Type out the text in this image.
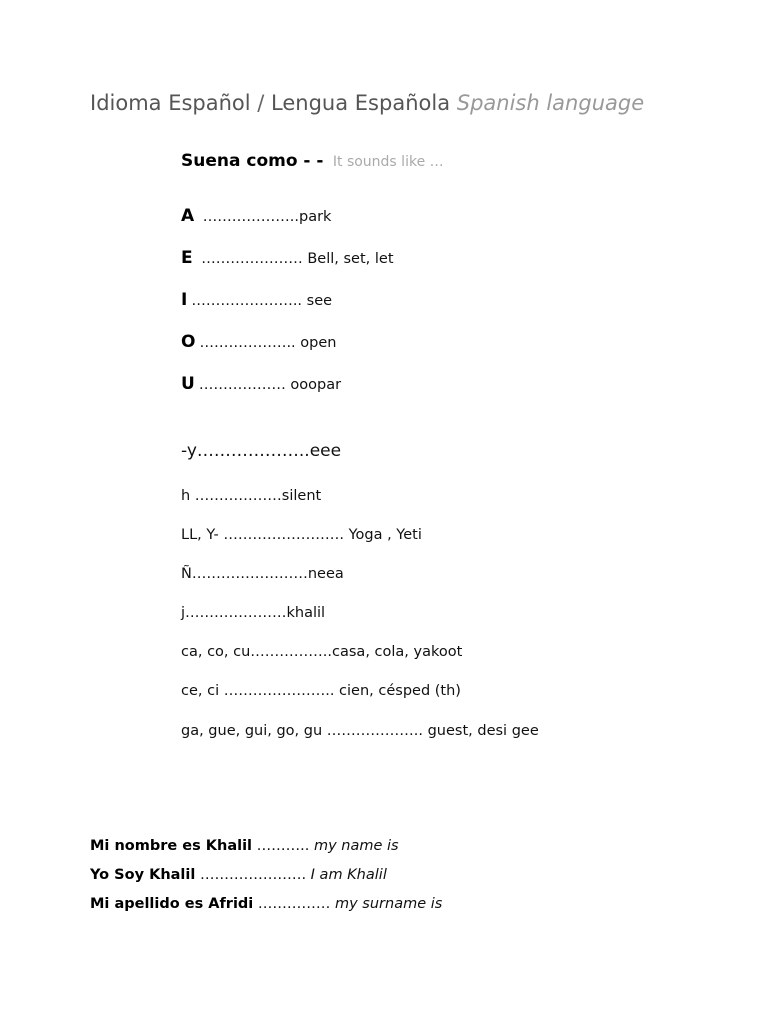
Idioma Español / Lengua Española Spanish language
Suena como - - It sounds like …
A ………………..park
E ………………… Bell, set, let
I ………………….. see
O ……………….. open
U ……………… ooopar
-y………………..eee
h ………………silent
LL, Y- ……………………. Yoga , Yeti
Ñ……………………neea
j…………………khalil
ca, co, cu……………..casa, cola, yakoot
ce, ci ………………….. cien, césped (th)
ga, gue, gui, go, gu ……………….. guest, desi gee
Mi nombre es Khalil ……….. my name is
Yo Soy Khalil …………………. I am Khalil
Mi apellido es Afridi …………… my surname is
